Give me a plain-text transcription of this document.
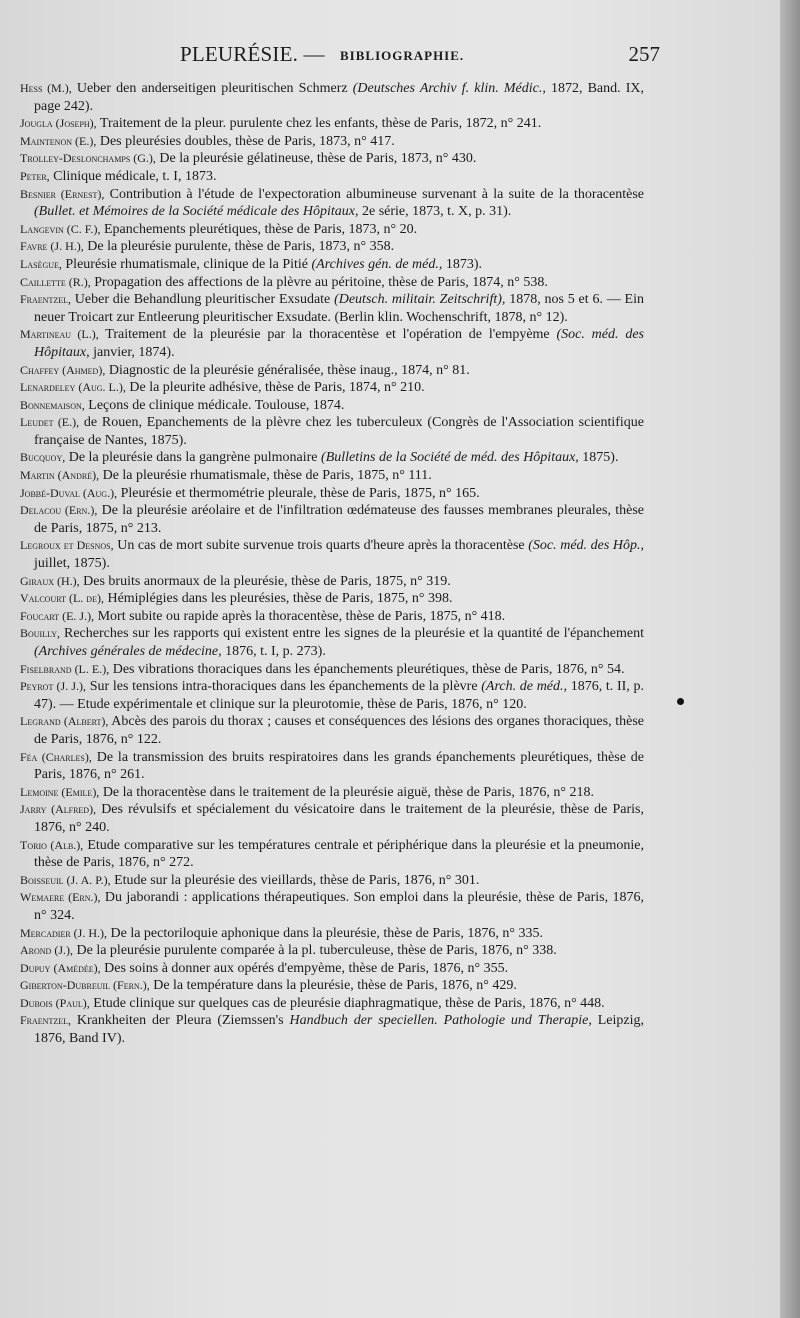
PLEURÉSIE. — BIBLIOGRAPHIE.	257
Hess (M.), Ueber den anderseitigen pleuritischen Schmerz (Deutsches Archiv f. klin. Médic., 1872, Band. IX, page 242).
Jougla (Joseph), Traitement de la pleur. purulente chez les enfants, thèse de Paris, 1872, n° 241.
Maintenon (E.), Des pleurésies doubles, thèse de Paris, 1873, n° 417.
Trolley-Deslonchamps (G.), De la pleurésie gélatineuse, thèse de Paris, 1873, n° 430.
Peter, Clinique médicale, t. I, 1873.
Besnier (Ernest), Contribution à l'étude de l'expectoration albumineuse survenant à la suite de la thoracentèse (Bullet. et Mémoires de la Société médicale des Hôpitaux, 2e série, 1873, t. X, p. 31).
Langevin (C. F.), Epanchements pleurétiques, thèse de Paris, 1873, n° 20.
Favre (J. H.), De la pleurésie purulente, thèse de Paris, 1873, n° 358.
Lasègue, Pleurésie rhumatismale, clinique de la Pitié (Archives gén. de méd., 1873).
Caillette (R.), Propagation des affections de la plèvre au péritoine, thèse de Paris, 1874, n° 538.
Fraentzel, Ueber die Behandlung pleuritischer Exsudate (Deutsch. militair. Zeitschrift), 1878, nos 5 et 6. — Ein neuer Troicart zur Entleerung pleuritischer Exsudate. (Berlin klin. Wochenschrift, 1878, n° 12).
Martineau (L.), Traitement de la pleurésie par la thoracentèse et l'opération de l'empyème (Soc. méd. des Hôpitaux, janvier, 1874).
Chaffey (Ahmed), Diagnostic de la pleurésie généralisée, thèse inaug., 1874, n° 81.
Lenardeley (Aug. L.), De la pleurite adhésive, thèse de Paris, 1874, n° 210.
Bonnemaison, Leçons de clinique médicale. Toulouse, 1874.
Leudet (E.), de Rouen, Epanchements de la plèvre chez les tuberculeux (Congrès de l'Association scientifique française de Nantes, 1875).
Bucquoy, De la pleurésie dans la gangrène pulmonaire (Bulletins de la Société de méd. des Hôpitaux, 1875).
Martin (André), De la pleurésie rhumatismale, thèse de Paris, 1875, n° 111.
Jobbé-Duval (Aug.), Pleurésie et thermométrie pleurale, thèse de Paris, 1875, n° 165.
Delacou (Ern.), De la pleurésie aréolaire et de l'infiltration œdémateuse des fausses membranes pleurales, thèse de Paris, 1875, n° 213.
Legroux et Desnos, Un cas de mort subite survenue trois quarts d'heure après la thoracentèse (Soc. méd. des Hôp., juillet, 1875).
Giraux (H.), Des bruits anormaux de la pleurésie, thèse de Paris, 1875, n° 319.
Valcourt (L. de), Hémiplégies dans les pleurésies, thèse de Paris, 1875, n° 398.
Foucart (E. J.), Mort subite ou rapide après la thoracentèse, thèse de Paris, 1875, n° 418.
Bouilly, Recherches sur les rapports qui existent entre les signes de la pleurésie et la quantité de l'épanchement (Archives générales de médecine, 1876, t. I, p. 273).
Fiselbrand (L. E.), Des vibrations thoraciques dans les épanchements pleurétiques, thèse de Paris, 1876, n° 54.
Peyrot (J. J.), Sur les tensions intra-thoraciques dans les épanchements de la plèvre (Arch. de méd., 1876, t. II, p. 47). — Etude expérimentale et clinique sur la pleurotomie, thèse de Paris, 1876, n° 120.
Legrand (Albert), Abcès des parois du thorax ; causes et conséquences des lésions des organes thoraciques, thèse de Paris, 1876, n° 122.
Féa (Charles), De la transmission des bruits respiratoires dans les grands épanchements pleurétiques, thèse de Paris, 1876, n° 261.
Lemoine (Emile), De la thoracentèse dans le traitement de la pleurésie aiguë, thèse de Paris, 1876, n° 218.
Jarry (Alfred), Des révulsifs et spécialement du vésicatoire dans le traitement de la pleurésie, thèse de Paris, 1876, n° 240.
Torio (Alb.), Etude comparative sur les températures centrale et périphérique dans la pleurésie et la pneumonie, thèse de Paris, 1876, n° 272.
Boisseuil (J. A. P.), Etude sur la pleurésie des vieillards, thèse de Paris, 1876, n° 301.
Wemaere (Ern.), Du jaborandi : applications thérapeutiques. Son emploi dans la pleurésie, thèse de Paris, 1876, n° 324.
Mercadier (J. H.), De la pectoriloquie aphonique dans la pleurésie, thèse de Paris, 1876, n° 335.
Arond (J.), De la pleurésie purulente comparée à la pl. tuberculeuse, thèse de Paris, 1876, n° 338.
Dupuy (Amédée), Des soins à donner aux opérés d'empyème, thèse de Paris, 1876, n° 355.
Giberton-Dubreuil (Fern.), De la température dans la pleurésie, thèse de Paris, 1876, n° 429.
Dubois (Paul), Etude clinique sur quelques cas de pleurésie diaphragmatique, thèse de Paris, 1876, n° 448.
Fraentzel, Krankheiten der Pleura (Ziemssen's Handbuch der speciellen. Pathologie und Therapie, Leipzig, 1876, Band IV).
